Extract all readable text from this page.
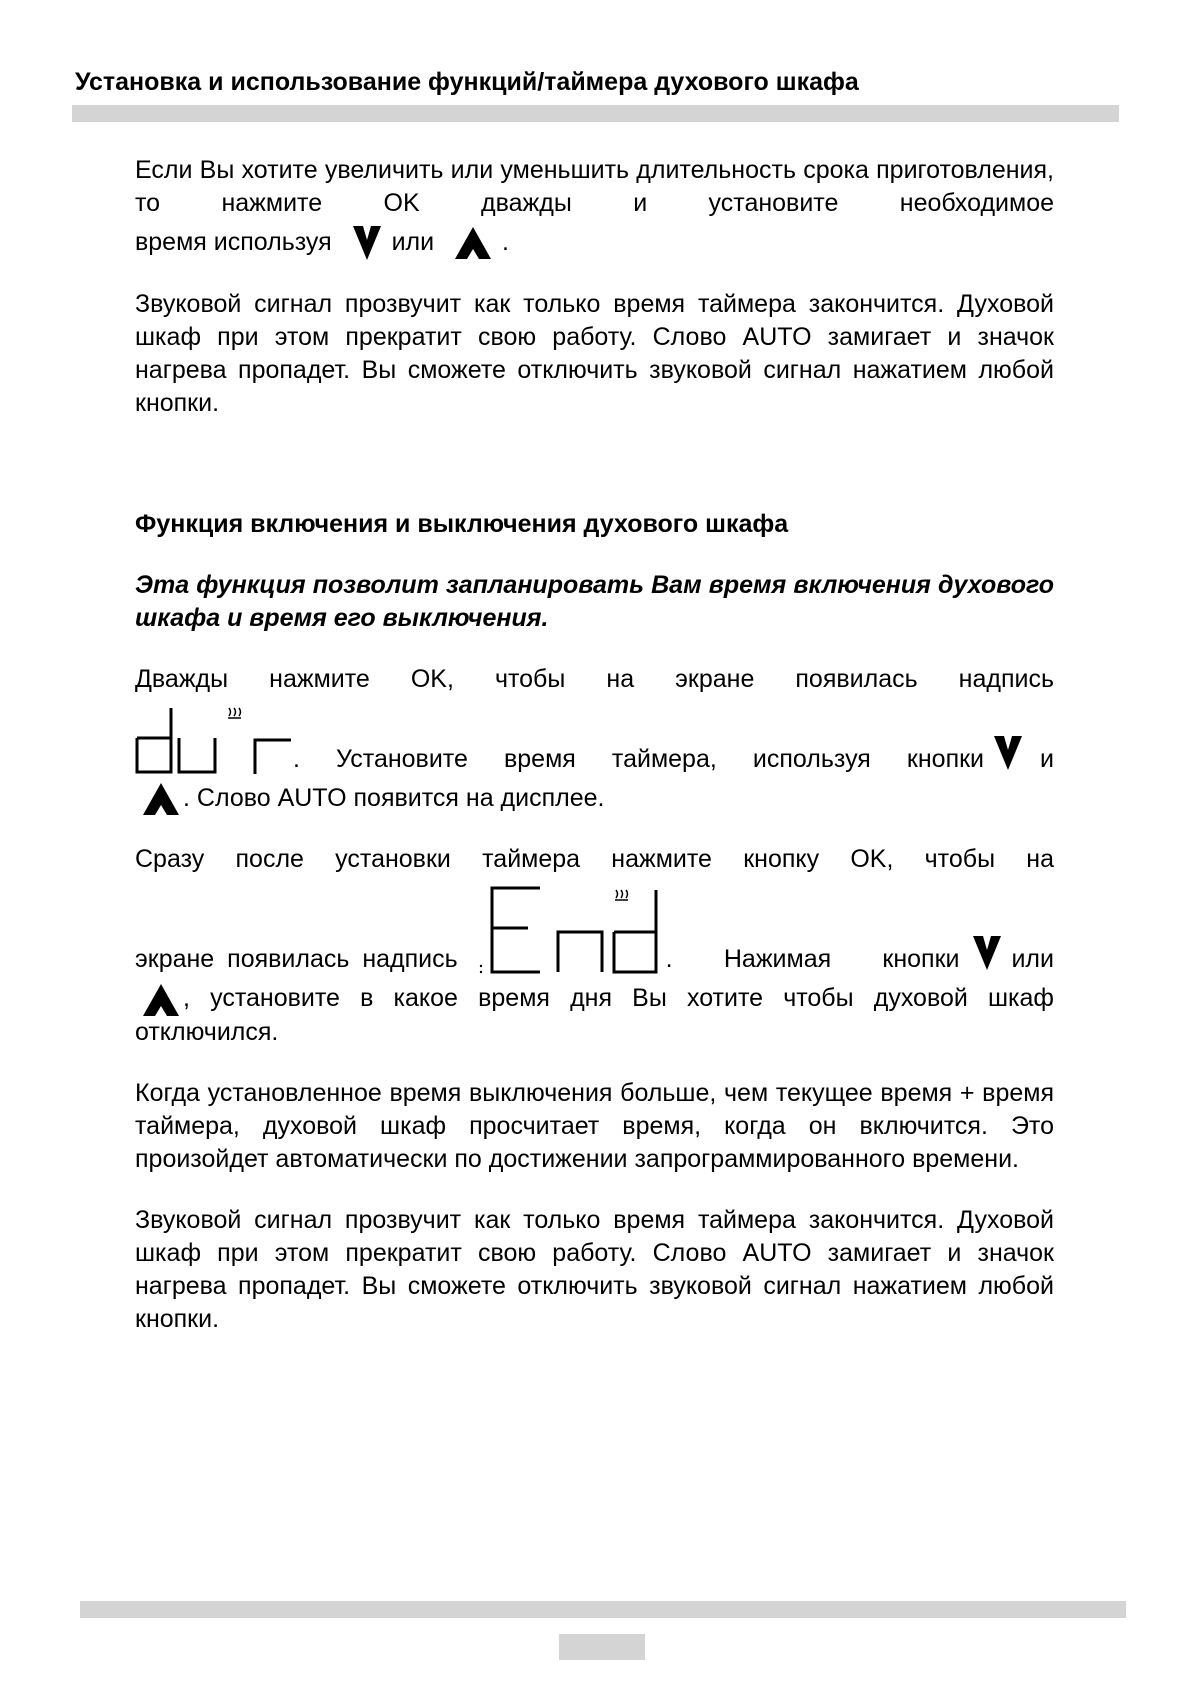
Установка и использование функций/таймера духового шкафа

Если Вы хотите увеличить или уменьшить длительность срока приготовления, то нажмите OK дважды и установите необходимое время используя или	.

Звуковой сигнал прозвучит как только время таймера закончится. Духовой шкаф при этом прекратит свою работу. Слово AUTO замигает и значок нагрева пропадет. Вы сможете отключить звуковой сигнал нажатием любой кнопки.

Функция включения и выключения духового шкафа

Эта функция позволит запланировать Вам время включения духового шкафа и время его выключения.

Дважды нажмите OK, чтобы на экране появилась надпись

. Установите время таймера, используя кнопки и
. Слово AUTO появится на дисплее.

Сразу после установки таймера нажмите кнопку OK, чтобы на

экране появилась надпись	. Нажимая кнопки или

, установите в какое время дня Вы хотите чтобы духовой шкаф отключился.

Когда установленное время выключения больше, чем текущее время + время таймера, духовой шкаф просчитает время, когда он включится. Это произойдет автоматически по достижении запрограммированного времени.

Звуковой сигнал прозвучит как только время таймера закончится. Духовой шкаф при этом прекратит свою работу. Слово AUTO замигает и значок нагрева пропадет. Вы сможете отключить звуковой сигнал нажатием любой кнопки.
